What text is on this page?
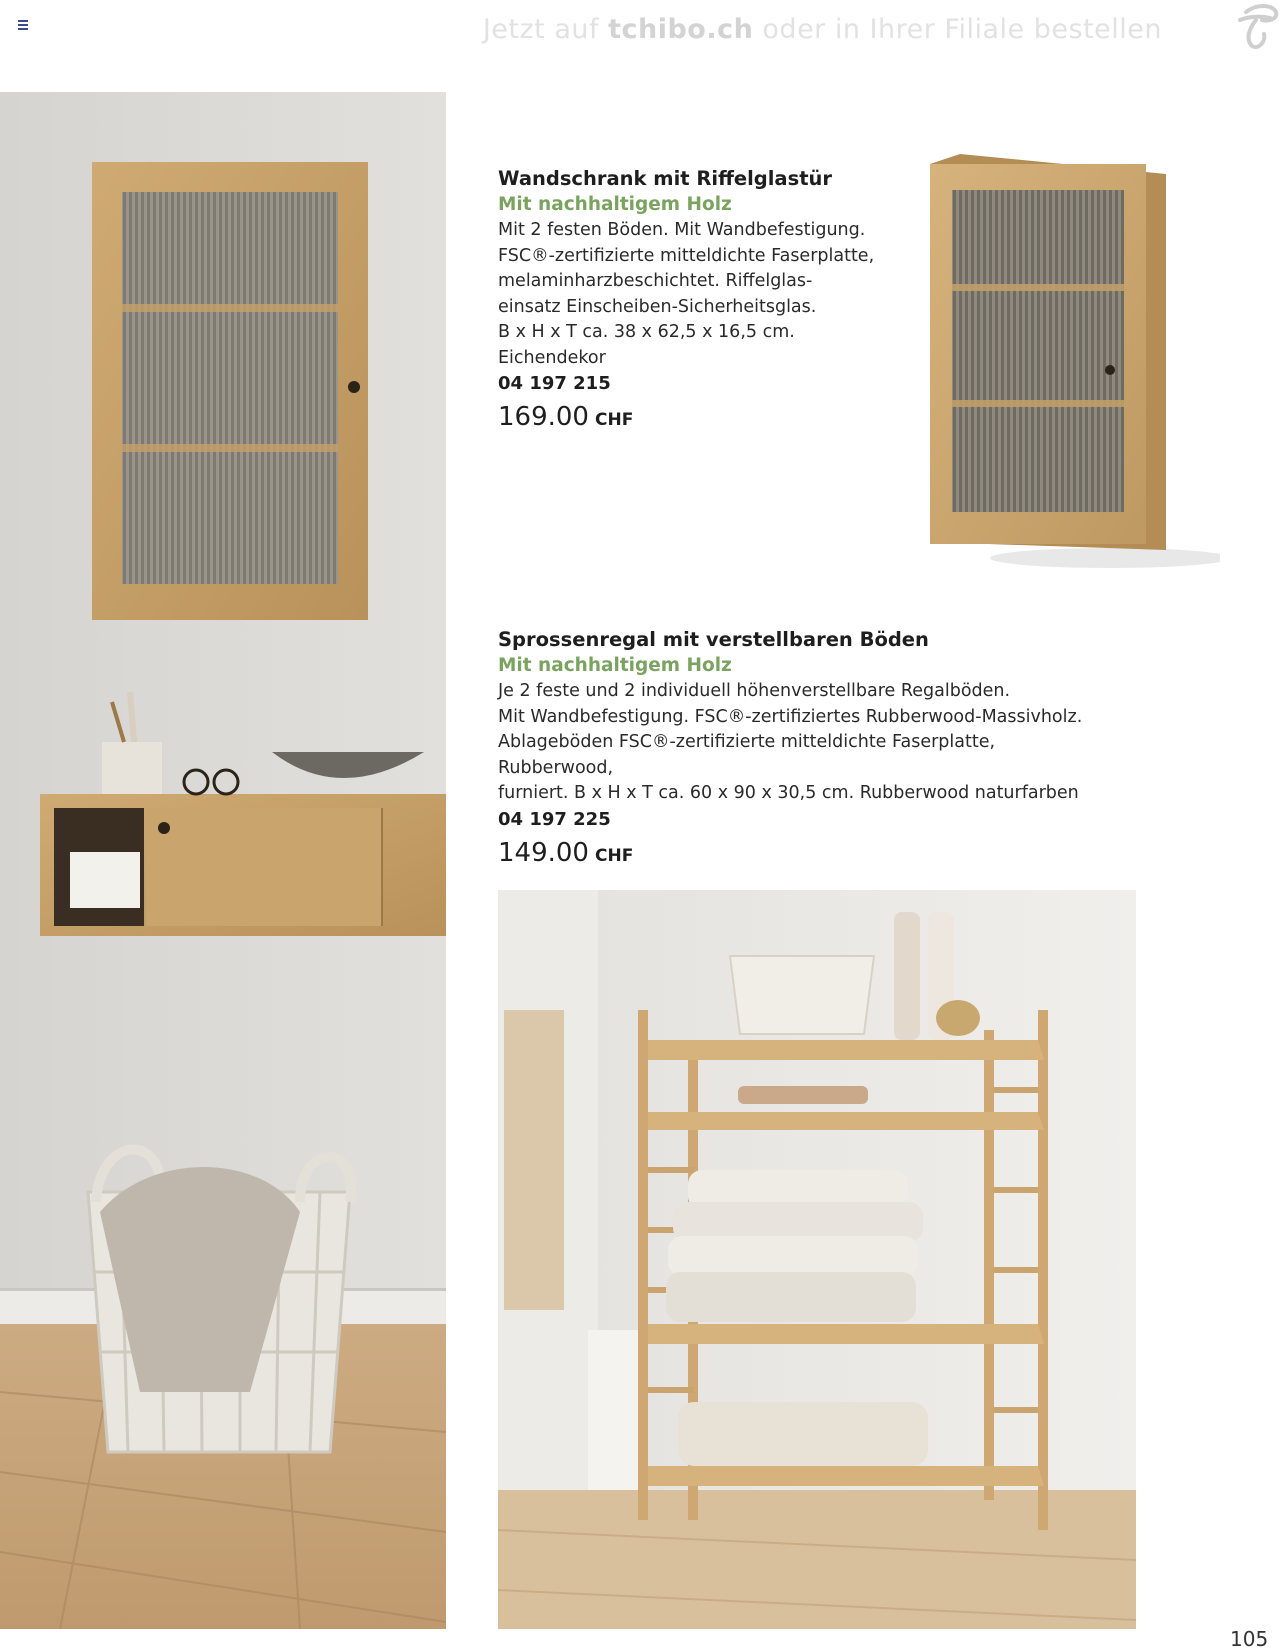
Jetzt auf tchibo.ch oder in Ihrer Filiale bestellen

Wandschrank mit Riffelglastür

Mit nachhaltigem Holz

Mit 2 festen Böden. Mit Wandbefestigung.

FSC®-zertifizierte mitteldichte Faserplatte,

melaminharzbeschichtet. Riffelglas-

einsatz Einscheiben-Sicherheitsglas.

B x H x T ca. 38 x 62,5 x 16,5 cm.

Eichendekor

04 197 215

169.00 CHF

Sprossenregal mit verstellbaren Böden

Mit nachhaltigem Holz

Je 2 feste und 2 individuell höhenverstellbare Regalböden.

Mit Wandbefestigung. FSC®-zertifiziertes Rubberwood-Massivholz.

Ablageböden FSC®-zertifizierte mitteldichte Faserplatte, Rubberwood,

furniert. B x H x T ca. 60 x 90 x 30,5 cm. Rubberwood naturfarben

04 197 225

149.00 CHF
105
